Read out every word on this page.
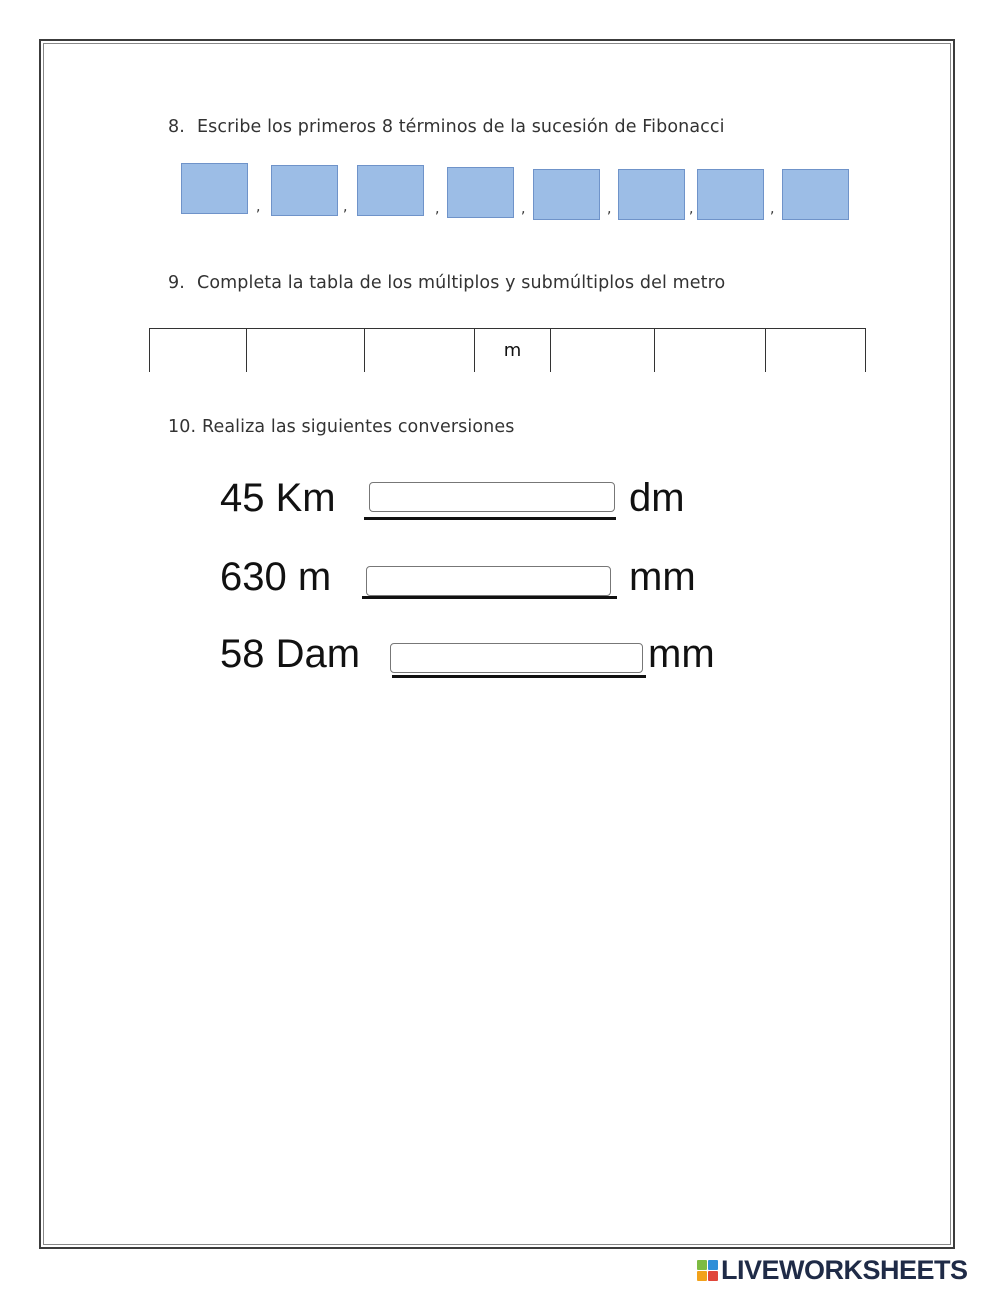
8. Escribe los primeros 8 términos de la sucesión de Fibonacci
,	,	,	,	,	,	,
9. Completa la tabla de los múltiplos y submúltiplos del metro
			m			
10. Realiza las siguientes conversiones
45 Km	dm
630 m	mm
58 Dam	mm
LIVEWORKSHEETS
